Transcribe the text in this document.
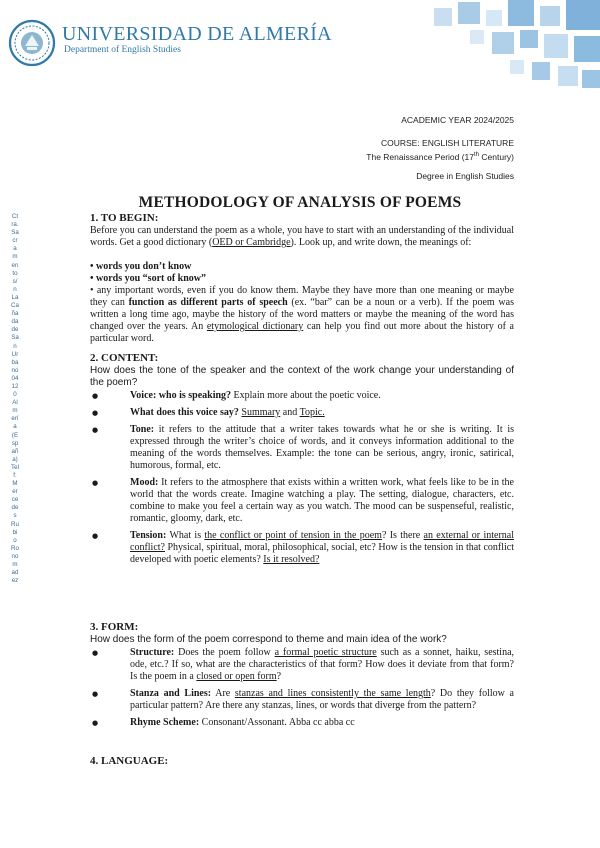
UNIVERSIDAD DE ALMERÍA
Department of English Studies
ACADEMIC YEAR 2024/2025
COURSE: ENGLISH LITERATURE
The Renaissance Period (17th Century)
Degree in English Studies
Ctra. Sacramento s/n La Cañada de San Urbano 04120 Almería (España) Telf: Mercedes Rubio Ronomadez
METHODOLOGY OF ANALYSIS OF POEMS
1. TO BEGIN:

Before you can understand the poem as a whole, you have to start with an understanding of the individual words. Get a good dictionary (OED or Cambridge). Look up, and write down, the meanings of:

• words you don’t know

• words you “sort of know”

• any important words, even if you do know them. Maybe they have more than one meaning or maybe they can function as different parts of speech (ex. “bar” can be a noun or a verb). If the poem was written a long time ago, maybe the history of the word matters or maybe the meaning of the word has changed over the years. An etymological dictionary can help you find out more about the history of a particular word.

2. CONTENT:

How does the tone of the speaker and the context of the work change your understanding of the poem?

●	Voice: who is speaking? Explain more about the poetic voice.
●	What does this voice say? Summary and Topic.
●	Tone: it refers to the attitude that a writer takes towards what he or she is writing. It is expressed through the writer’s choice of words, and it conveys information additional to the meaning of the words themselves. Example: the tone can be serious, angry, ironic, satirical, humorous, formal, etc.
●	Mood: It refers to the atmosphere that exists within a written work, what feels like to be in the world that the words create. Imagine watching a play. The setting, dialogue, characters, etc. combine to make you feel a certain way as you watch. The mood can be suspenseful, realistic, romantic, gloomy, dark, etc.
●	Tension: What is the conflict or point of tension in the poem? Is there an external or internal conflict? Physical, spiritual, moral, philosophical, social, etc? How is the tension in that conflict developed with poetic elements? Is it resolved?
3. FORM:

How does the form of the poem correspond to theme and main idea of the work?

●	Structure: Does the poem follow a formal poetic structure such as a sonnet, haiku, sestina, ode, etc.? If so, what are the characteristics of that form? How does it deviate from that form? Is the poem in a closed or open form?
●	Stanza and Lines: Are stanzas and lines consistently the same length? Do they follow a particular pattern? Are there any stanzas, lines, or words that diverge from the pattern?
●	Rhyme Scheme: Consonant/Assonant. Abba cc abba cc
4. LANGUAGE:
